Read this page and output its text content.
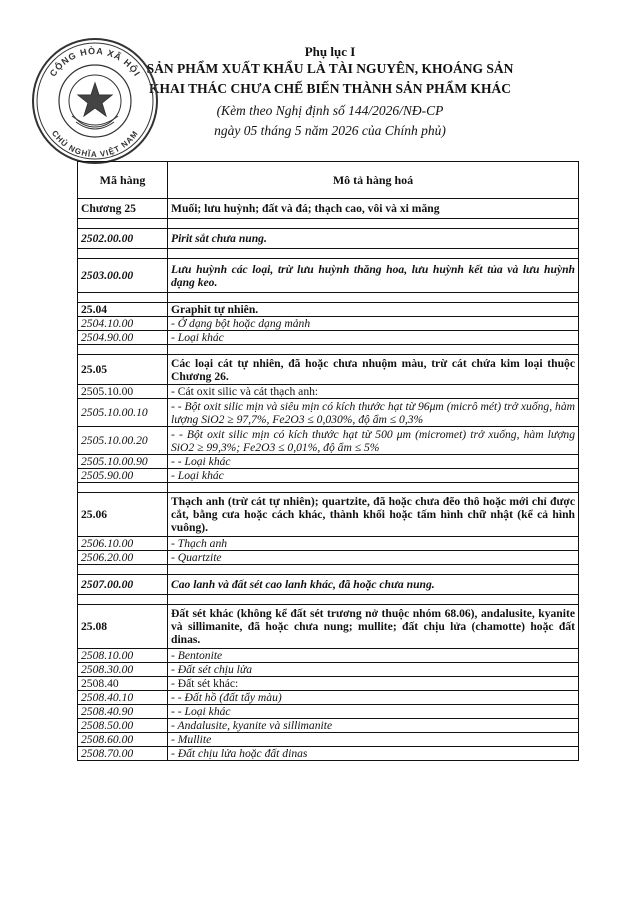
Phụ lục I
SẢN PHẨM XUẤT KHẨU LÀ TÀI NGUYÊN, KHOÁNG SẢN
KHAI THÁC CHƯA CHẾ BIẾN THÀNH SẢN PHẨM KHÁC
(Kèm theo Nghị định số 144/2026/NĐ-CP
ngày 05 tháng 5 năm 2026 của Chính phủ)
CỘNG HÒA XÃ HỘI
CHỦ NGHĨA VIỆT NAM
Mã hàng	Mô tả hàng hoá
Chương 25	Muối; lưu huỳnh; đất và đá; thạch cao, vôi và xi măng

2502.00.00	Pirit sắt chưa nung.

2503.00.00	Lưu huỳnh các loại, trừ lưu huỳnh thăng hoa, lưu huỳnh kết tủa và lưu huỳnh dạng keo.

25.04	Graphit tự nhiên.
2504.10.00	- Ở dạng bột hoặc dạng mảnh
2504.90.00	- Loại khác

25.05	Các loại cát tự nhiên, đã hoặc chưa nhuộm màu, trừ cát chứa kim loại thuộc Chương 26.
2505.10.00	- Cát oxit silic và cát thạch anh:
2505.10.00.10	- - Bột oxit silic mịn và siêu mịn có kích thước hạt từ 96μm (micrô mét) trở xuống, hàm lượng SiO2 ≥ 97,7%, Fe2O3 ≤ 0,030%, độ ẩm ≤ 0,3%
2505.10.00.20	- - Bột oxit silic mịn có kích thước hạt từ 500 μm (micromet) trở xuống, hàm lượng SiO2 ≥ 99,3%; Fe2O3 ≤ 0,01%, độ ẩm ≤ 5%
2505.10.00.90	- - Loại khác
2505.90.00	- Loại khác

25.06	Thạch anh (trừ cát tự nhiên); quartzite, đã hoặc chưa đẽo thô hoặc mới chỉ được cắt, bằng cưa hoặc cách khác, thành khối hoặc tấm hình chữ nhật (kể cả hình vuông).
2506.10.00	- Thạch anh
2506.20.00	- Quartzite

2507.00.00	Cao lanh và đất sét cao lanh khác, đã hoặc chưa nung.

25.08	Đất sét khác (không kể đất sét trương nở thuộc nhóm 68.06), andalusite, kyanite và sillimanite, đã hoặc chưa nung; mullite; đất chịu lửa (chamotte) hoặc đất dinas.
2508.10.00	- Bentonite
2508.30.00	- Đất sét chịu lửa
2508.40	- Đất sét khác:
2508.40.10	- - Đất hồ (đất tẩy màu)
2508.40.90	- - Loại khác
2508.50.00	- Andalusite, kyanite và sillimanite
2508.60.00	- Mullite
2508.70.00	- Đất chịu lửa hoặc đất dinas
